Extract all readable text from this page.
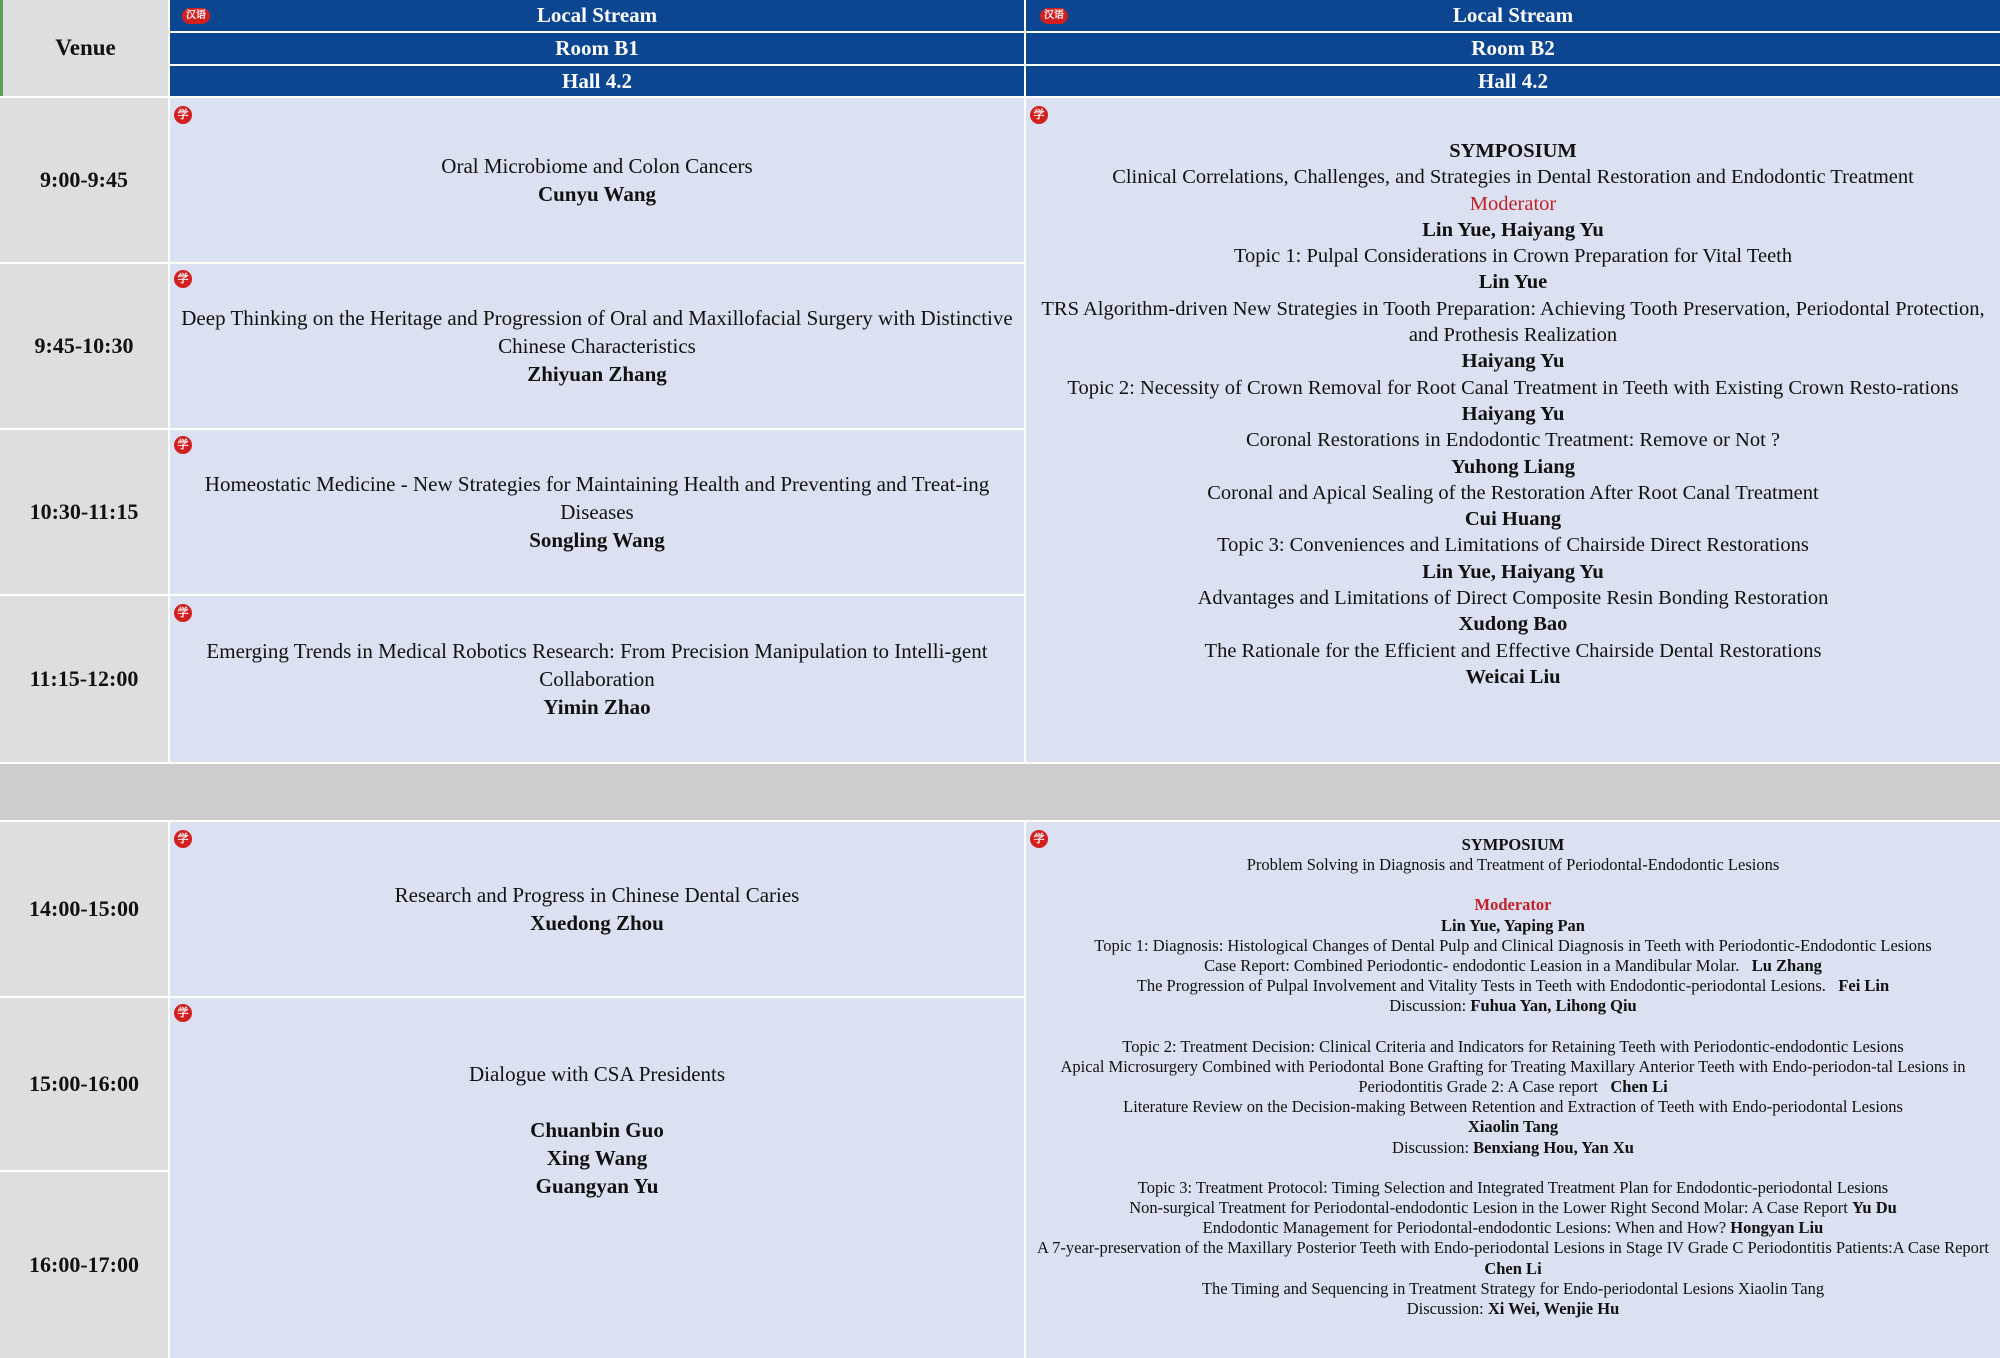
Venue
Local Stream
汉语
Room B1
Hall 4.2
Local Stream
汉语
Room B2
Hall 4.2
9:00-9:45
9:45-10:30
10:30-11:15
11:15-12:00
学
Oral Microbiome and Colon Cancers
Cunyu Wang
学
Deep Thinking on the Heritage and Progression of Oral and Maxillofacial Surgery with Distinctive Chinese Characteristics
Zhiyuan Zhang
学
Homeostatic Medicine - New Strategies for Maintaining Health and Preventing and Treat-ing Diseases
Songling Wang
学
Emerging Trends in Medical Robotics Research: From Precision Manipulation to Intelli-gent Collaboration
Yimin Zhao
学
SYMPOSIUM
Clinical Correlations, Challenges, and Strategies in Dental Restoration and Endodontic Treatment
Moderator
Lin Yue, Haiyang Yu
Topic 1: Pulpal Considerations in Crown Preparation for Vital Teeth
Lin Yue
TRS Algorithm-driven New Strategies in Tooth Preparation: Achieving Tooth Preservation, Periodontal Protection, and Prothesis Realization
Haiyang Yu
Topic 2: Necessity of Crown Removal for Root Canal Treatment in Teeth with Existing Crown Resto-rations
Haiyang Yu
Coronal Restorations in Endodontic Treatment: Remove or Not ?
Yuhong Liang
Coronal and Apical Sealing of the Restoration After Root Canal Treatment
Cui Huang
Topic 3: Conveniences and Limitations of Chairside Direct Restorations
Lin Yue, Haiyang Yu
Advantages and Limitations of Direct Composite Resin Bonding Restoration
Xudong Bao
The Rationale for the Efficient and Effective Chairside Dental Restorations
Weicai Liu
14:00-15:00
15:00-16:00
16:00-17:00
学
Research and Progress in Chinese Dental Caries
Xuedong Zhou
学
Dialogue with CSA Presidents
Chuanbin Guo
Xing Wang
Guangyan Yu
学	SYMPOSIUM
Problem Solving in Diagnosis and Treatment of Periodontal-Endodontic Lesions
Moderator
Lin Yue, Yaping Pan
Topic 1: Diagnosis: Histological Changes of Dental Pulp and Clinical Diagnosis in Teeth with Periodontic-Endodontic Lesions
Case Report: Combined Periodontic- endodontic Leasion in a Mandibular Molar. Lu Zhang
The Progression of Pulpal Involvement and Vitality Tests in Teeth with Endodontic-periodontal Lesions. Fei Lin
Discussion: Fuhua Yan, Lihong Qiu
Topic 2: Treatment Decision: Clinical Criteria and Indicators for Retaining Teeth with Periodontic-endodontic Lesions
Apical Microsurgery Combined with Periodontal Bone Grafting for Treating Maxillary Anterior Teeth with Endo-periodon-tal Lesions in Periodontitis Grade 2: A Case report Chen Li
Literature Review on the Decision-making Between Retention and Extraction of Teeth with Endo-periodontal Lesions
Xiaolin Tang
Discussion: Benxiang Hou, Yan Xu
Topic 3: Treatment Protocol: Timing Selection and Integrated Treatment Plan for Endodontic-periodontal Lesions
Non-surgical Treatment for Periodontal-endodontic Lesion in the Lower Right Second Molar: A Case Report Yu Du
Endodontic Management for Periodontal-endodontic Lesions: When and How? Hongyan Liu
A 7-year-preservation of the Maxillary Posterior Teeth with Endo-periodontal Lesions in Stage IV Grade C Periodontitis Patients:A Case Report Chen Li
The Timing and Sequencing in Treatment Strategy for Endo-periodontal Lesions Xiaolin Tang
Discussion: Xi Wei, Wenjie Hu
